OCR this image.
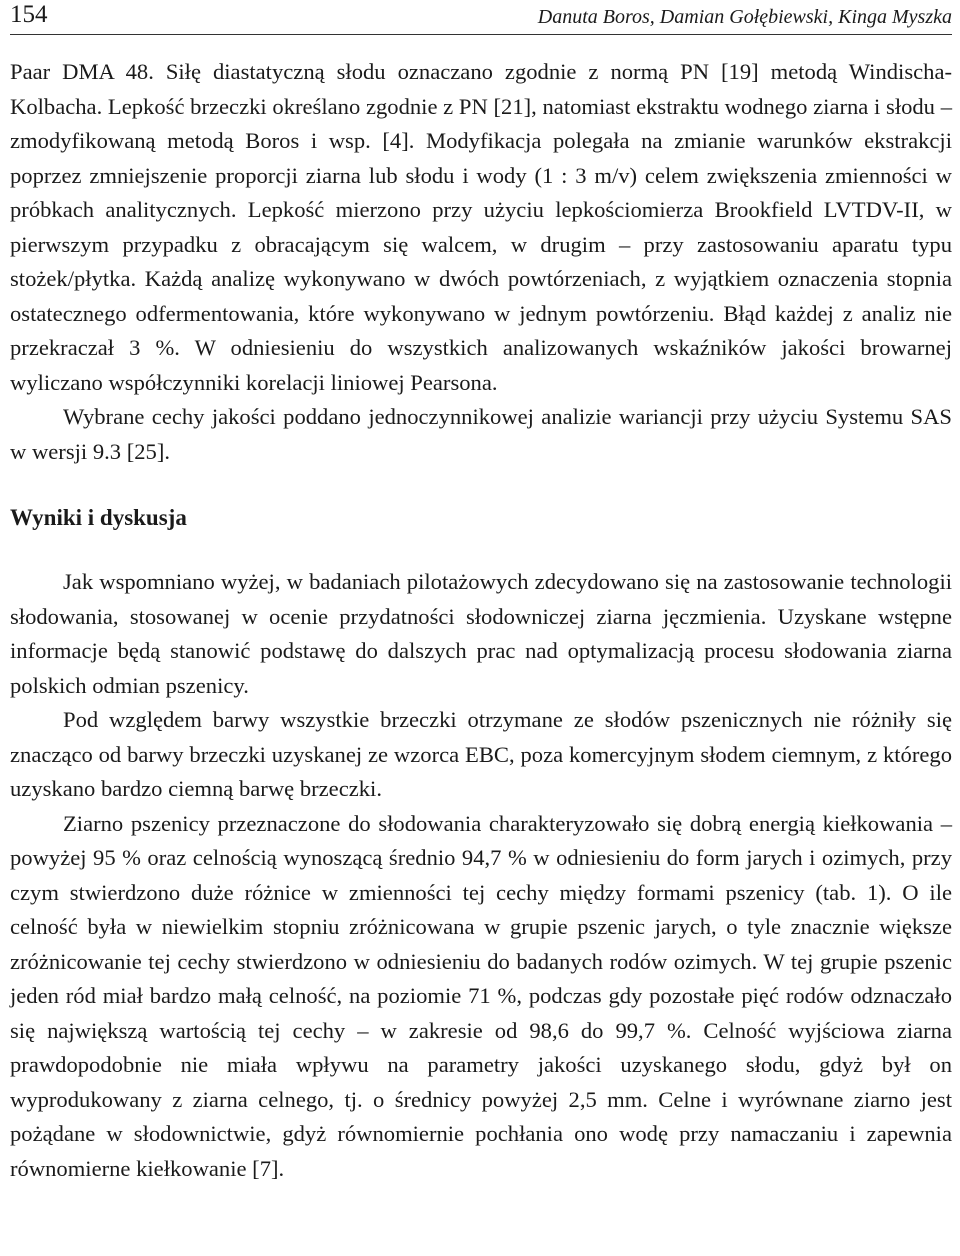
154	Danuta Boros, Damian Gołębiewski, Kinga Myszka

Paar DMA 48. Siłę diastatyczną słodu oznaczano zgodnie z normą PN [19] metodą Windischa-Kolbacha. Lepkość brzeczki określano zgodnie z PN [21], natomiast ekstraktu wodnego ziarna i słodu – zmodyfikowaną metodą Boros i wsp. [4]. Modyfikacja polegała na zmianie warunków ekstrakcji poprzez zmniejszenie proporcji ziarna lub słodu i wody (1 : 3 m/v) celem zwiększenia zmienności w próbkach analitycznych. Lepkość mierzono przy użyciu lepkościomierza Brookfield LVTDV-II, w pierwszym przypadku z obracającym się walcem, w drugim – przy zastosowaniu aparatu typu stożek/płytka. Każdą analizę wykonywano w dwóch powtórzeniach, z wyjątkiem oznaczenia stopnia ostatecznego odfermentowania, które wykonywano w jednym powtórzeniu. Błąd każdej z analiz nie przekraczał 3 %. W odniesieniu do wszystkich analizowanych wskaźników jakości browarnej wyliczano współczynniki korelacji liniowej Pearsona.

Wybrane cechy jakości poddano jednoczynnikowej analizie wariancji przy użyciu Systemu SAS w wersji 9.3 [25].

Wyniki i dyskusja

Jak wspomniano wyżej, w badaniach pilotażowych zdecydowano się na zastosowanie technologii słodowania, stosowanej w ocenie przydatności słodowniczej ziarna jęczmienia. Uzyskane wstępne informacje będą stanowić podstawę do dalszych prac nad optymalizacją procesu słodowania ziarna polskich odmian pszenicy.

Pod względem barwy wszystkie brzeczki otrzymane ze słodów pszenicznych nie różniły się znacząco od barwy brzeczki uzyskanej ze wzorca EBC, poza komercyjnym słodem ciemnym, z którego uzyskano bardzo ciemną barwę brzeczki.

Ziarno pszenicy przeznaczone do słodowania charakteryzowało się dobrą energią kiełkowania – powyżej 95 % oraz celnością wynoszącą średnio 94,7 % w odniesieniu do form jarych i ozimych, przy czym stwierdzono duże różnice w zmienności tej cechy między formami pszenicy (tab. 1). O ile celność była w niewielkim stopniu zróżnicowana w grupie pszenic jarych, o tyle znacznie większe zróżnicowanie tej cechy stwierdzono w odniesieniu do badanych rodów ozimych. W tej grupie pszenic jeden ród miał bardzo małą celność, na poziomie 71 %, podczas gdy pozostałe pięć rodów odznaczało się największą wartością tej cechy – w zakresie od 98,6 do 99,7 %. Celność wyjściowa ziarna prawdopodobnie nie miała wpływu na parametry jakości uzyskanego słodu, gdyż był on wyprodukowany z ziarna celnego, tj. o średnicy powyżej 2,5 mm. Celne i wyrównane ziarno jest pożądane w słodownictwie, gdyż równomiernie pochłania ono wodę przy namaczaniu i zapewnia równomierne kiełkowanie [7].
